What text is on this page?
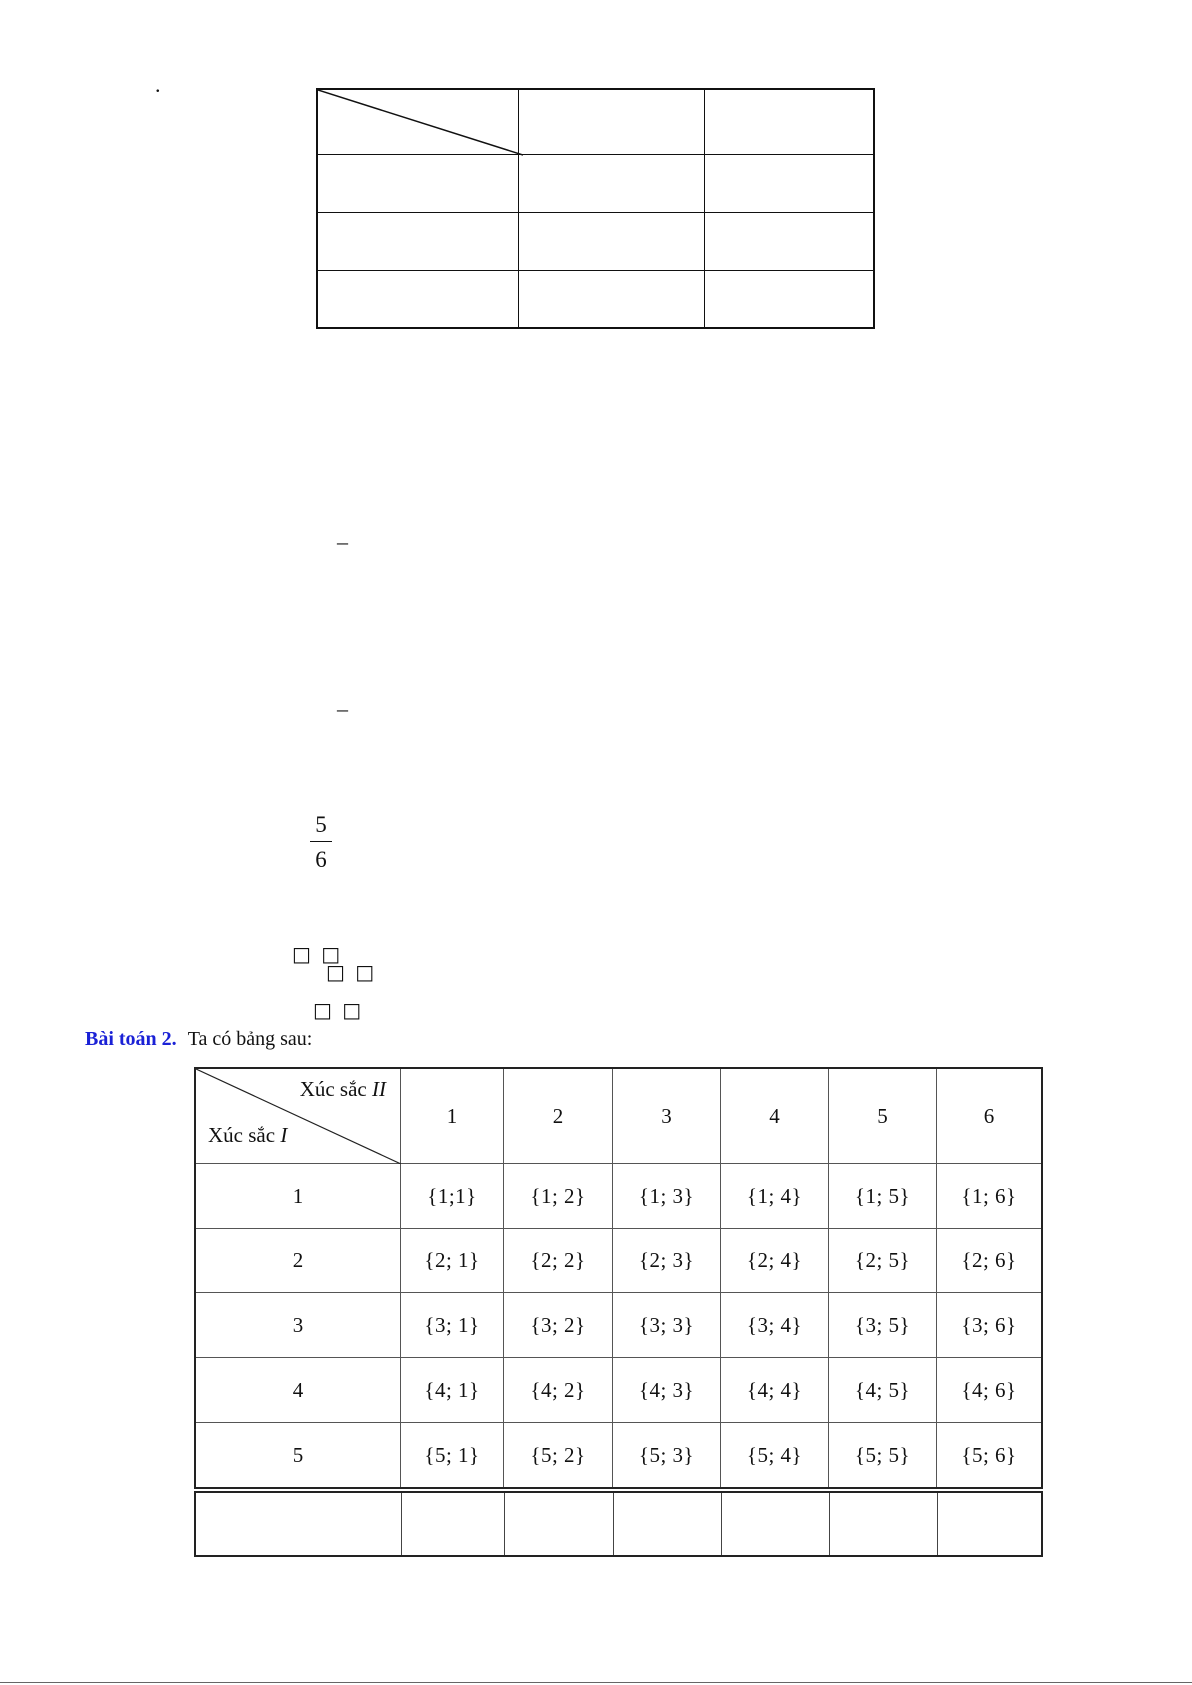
.
–
–
5
6
□ □
□ □
□ □
Bài toán 2. Ta có bảng sau:
Xúc sắc II
Xúc sắc I
1	2	3	4	5	6
1	{1;1}	{1; 2}	{1; 3}	{1; 4}	{1; 5}	{1; 6}
2	{2; 1}	{2; 2}	{2; 3}	{2; 4}	{2; 5}	{2; 6}
3	{3; 1}	{3; 2}	{3; 3}	{3; 4}	{3; 5}	{3; 6}
4	{4; 1}	{4; 2}	{4; 3}	{4; 4}	{4; 5}	{4; 6}
5	{5; 1}	{5; 2}	{5; 3}	{5; 4}	{5; 5}	{5; 6}
